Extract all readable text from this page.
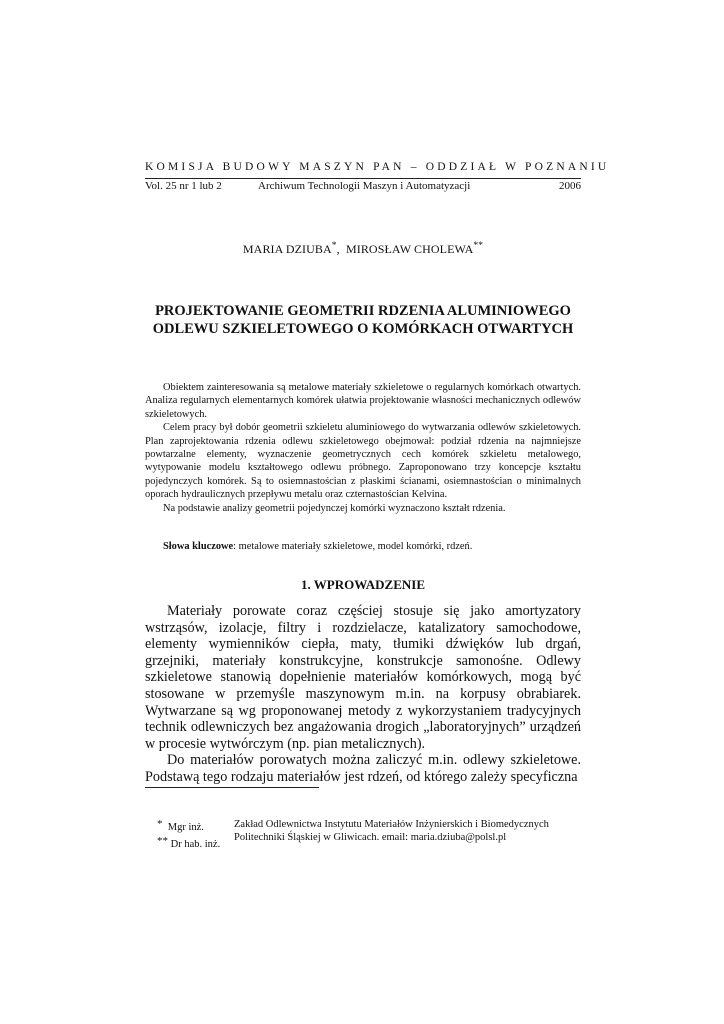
KOMISJA BUDOWY MASZYN PAN – ODDZIAŁ W POZNANIU
Vol. 25 nr 1 lub 2	Archiwum Technologii Maszyn i Automatyzacji	2006
MARIA DZIUBA*, MIROSŁAW CHOLEWA**
PROJEKTOWANIE GEOMETRII RDZENIA ALUMINIOWEGO
ODLEWU SZKIELETOWEGO O KOMÓRKACH OTWARTYCH

Obiektem zainteresowania są metalowe materiały szkieletowe o regularnych komórkach otwartych. Analiza regularnych elementarnych komórek ułatwia projektowanie własności mechanicznych odlewów szkieletowych.

Celem pracy był dobór geometrii szkieletu aluminiowego do wytwarzania odlewów szkieletowych. Plan zaprojektowania rdzenia odlewu szkieletowego obejmował: podział rdzenia na najmniejsze powtarzalne elementy, wyznaczenie geometrycznych cech komórek szkieletu metalowego, wytypowanie modelu kształtowego odlewu próbnego. Zaproponowano trzy koncepcje kształtu pojedynczych komórek. Są to osiemnastościan z płaskimi ścianami, osiemnastościan o minimalnych oporach hydraulicznych przepływu metalu oraz czternastościan Kelvina.

Na podstawie analizy geometrii pojedynczej komórki wyznaczono kształt rdzenia.

Słowa kluczowe: metalowe materiały szkieletowe, model komórki, rdzeń.
1. WPROWADZENIE

Materiały porowate coraz częściej stosuje się jako amortyzatory wstrząsów, izolacje, filtry i rozdzielacze, katalizatory samochodowe, elementy wymienników ciepła, maty, tłumiki dźwięków lub drgań, grzejniki, materiały konstrukcyjne, konstrukcje samonośne. Odlewy szkieletowe stanowią dopełnienie materiałów komórkowych, mogą być stosowane w przemyśle maszynowym m.in. na korpusy obrabiarek. Wytwarzane są wg proponowanej metody z wykorzystaniem tradycyjnych technik odlewniczych bez angażowania drogich „laboratoryjnych” urządzeń w procesie wytwórczym (np. pian metalicznych).

Do materiałów porowatych można zaliczyć m.in. odlewy szkieletowe. Podstawą tego rodzaju materiałów jest rdzeń, od którego zależy specyficzna

* Mgr inż.
** Dr hab. inż.
Zakład Odlewnictwa Instytutu Materiałów Inżynierskich i Biomedycznych Politechniki Śląskiej w Gliwicach. email: maria.dziuba@polsl.pl
